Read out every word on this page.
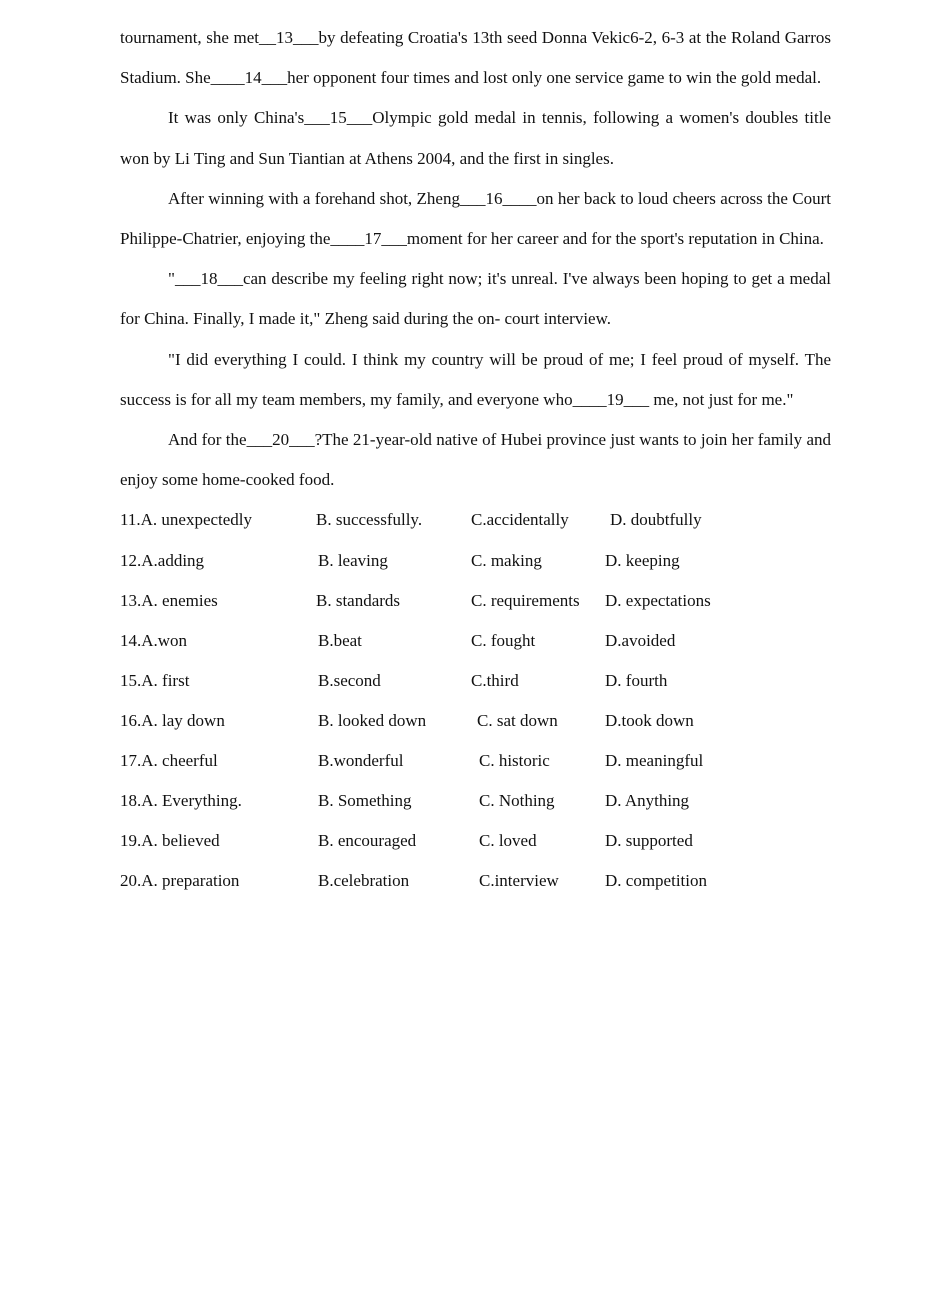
tournament, she met__13___by defeating Croatia's 13th seed Donna Vekic6-2, 6-3 at the Roland Garros Stadium. She____14___her opponent four times and lost only one service game to win the gold medal.

It was only China's___15___Olympic gold medal in tennis, following a women's doubles title won by Li Ting and Sun Tiantian at Athens 2004, and the first in singles.

After winning with a forehand shot, Zheng___16____on her back to loud cheers across the Court Philippe-Chatrier, enjoying the____17___moment for her career and for the sport's reputation in China.

"___18___can describe my feeling right now; it's unreal. I've always been hoping to get a medal for China. Finally, I made it," Zheng said during the on- court interview.

"I did everything I could. I think my country will be proud of me; I feel proud of myself. The success is for all my team members, my family, and everyone who____19___ me, not just for me."

And for the___20___?The 21-year-old native of Hubei province just wants to join her family and enjoy some home-cooked food.

11.A. unexpectedly	B. successfully.	C.accidentally D. doubtfully
12.A.adding	B. leaving	C. making	D. keeping
13.A. enemies	B. standards	C. requirements D. expectations
14.A.won	B.beat	C. fought	D.avoided
15.A. first	B.second	C.third	D. fourth
16.A. lay down	B. looked down	C. sat down	D.took down
17.A. cheerful	B.wonderful	C. historic	D. meaningful
18.A. Everything.	B. Something	C. Nothing	D. Anything
19.A. believed	B. encouraged	C. loved	D. supported
20.A. preparation	B.celebration	C.interview	D. competition
